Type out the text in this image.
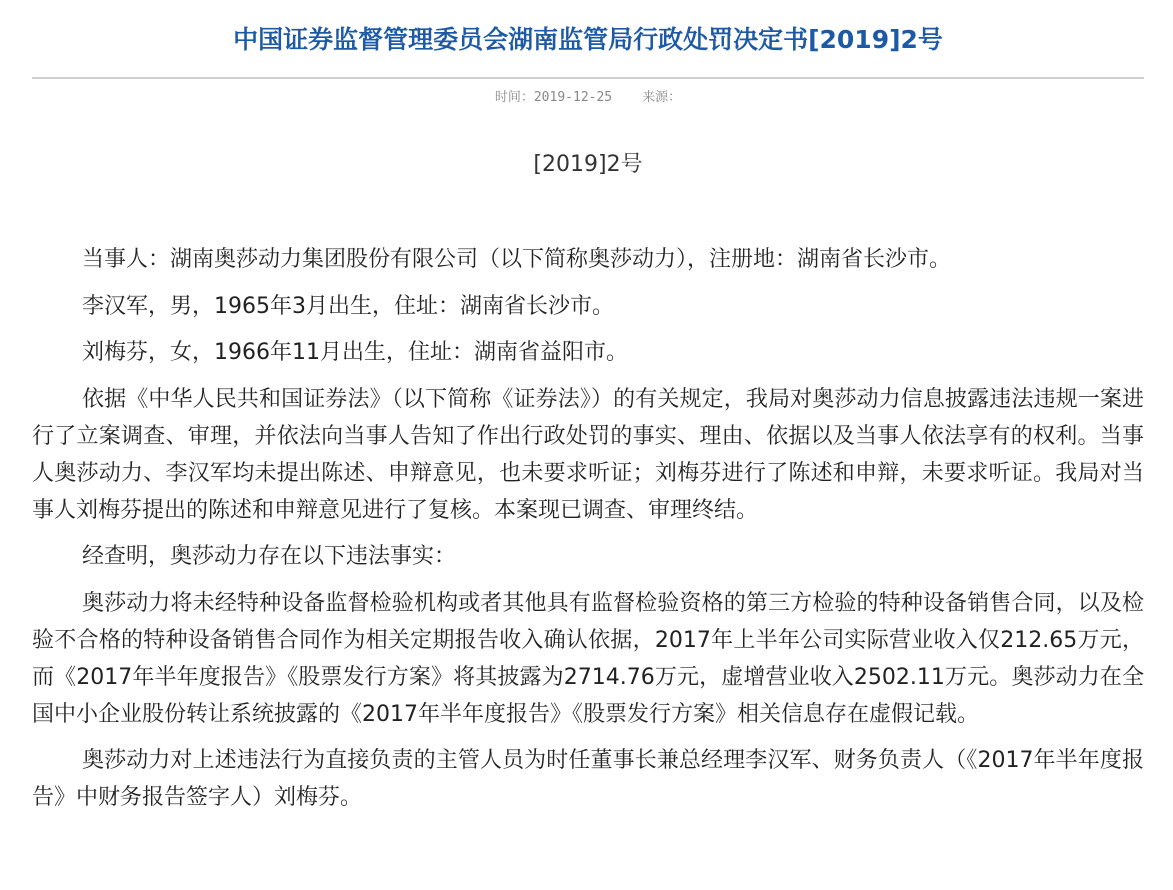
中国证券监督管理委员会湖南监管局行政处罚决定书[2019]2号
时间：2019-12-25 来源：
[2019]2号

当事人：湖南奥莎动力集团股份有限公司（以下简称奥莎动力），注册地：湖南省长沙市。

李汉军，男，1965年3月出生，住址：湖南省长沙市。

刘梅芬，女，1966年11月出生，住址：湖南省益阳市。

依据《中华人民共和国证券法》（以下简称《证券法》）的有关规定，我局对奥莎动力信息披露违法违规一案进行了立案调查、审理，并依法向当事人告知了作出行政处罚的事实、理由、依据以及当事人依法享有的权利。当事人奥莎动力、李汉军均未提出陈述、申辩意见，也未要求听证；刘梅芬进行了陈述和申辩，未要求听证。我局对当事人刘梅芬提出的陈述和申辩意见进行了复核。本案现已调查、审理终结。

经查明，奥莎动力存在以下违法事实：

奥莎动力将未经特种设备监督检验机构或者其他具有监督检验资格的第三方检验的特种设备销售合同，以及检验不合格的特种设备销售合同作为相关定期报告收入确认依据，2017年上半年公司实际营业收入仅212.65万元，而《2017年半年度报告》《股票发行方案》将其披露为2714.76万元，虚增营业收入2502.11万元。奥莎动力在全国中小企业股份转让系统披露的《2017年半年度报告》《股票发行方案》相关信息存在虚假记载。

奥莎动力对上述违法行为直接负责的主管人员为时任董事长兼总经理李汉军、财务负责人（《2017年半年度报告》中财务报告签字人）刘梅芬。
